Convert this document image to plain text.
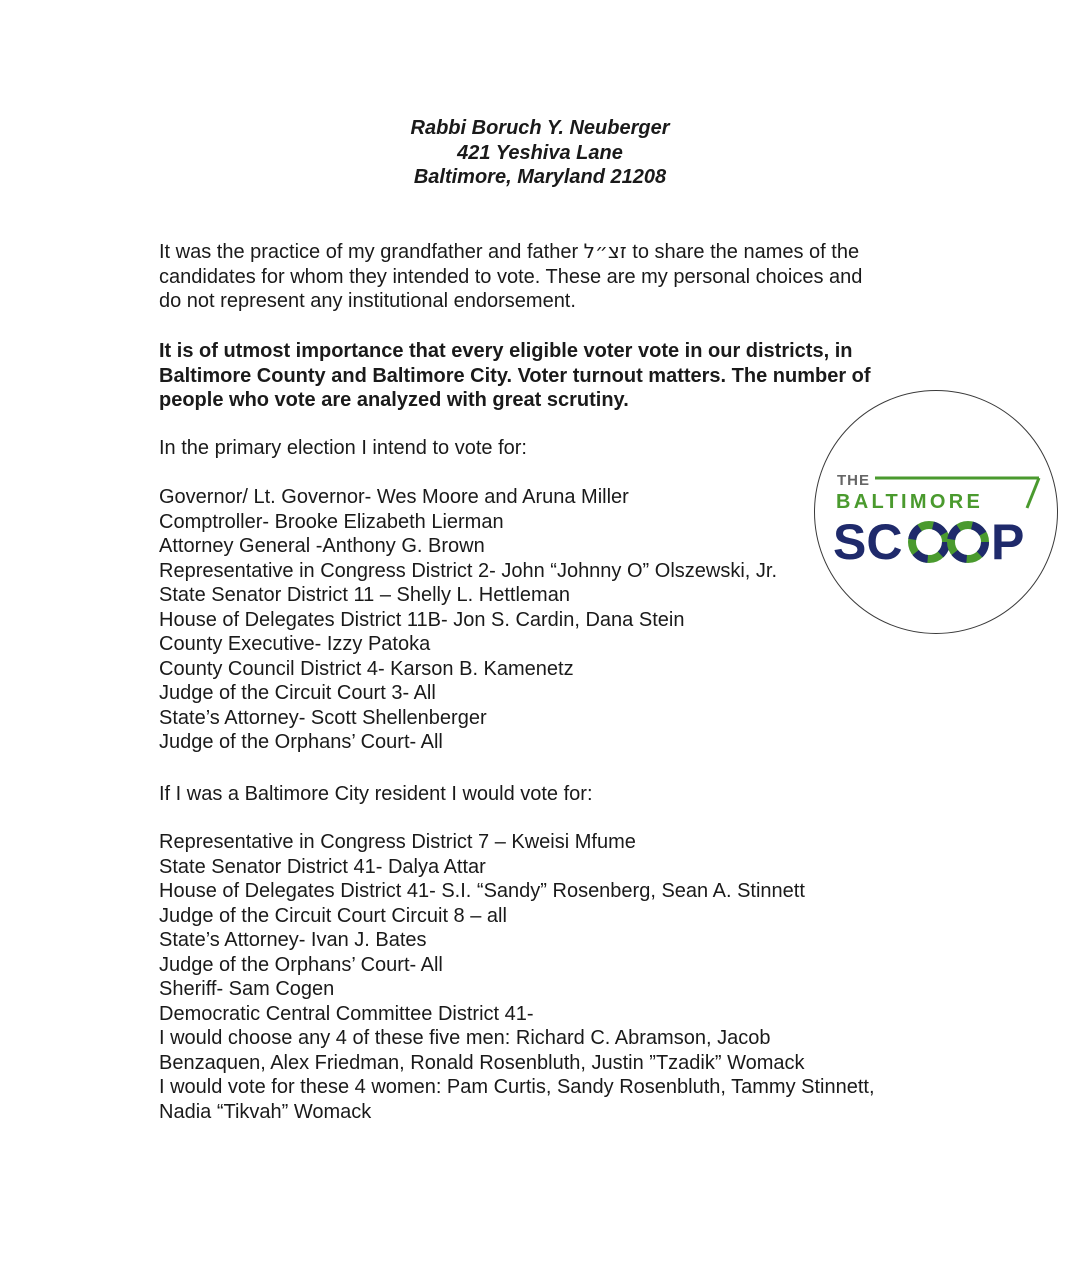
Rabbi Boruch Y. Neuberger
421 Yeshiva Lane
Baltimore, Maryland 21208
It was the practice of my grandfather and father זצ״ל to share the names of the
candidates for whom they intended to vote. These are my personal choices and
do not represent any institutional endorsement.
It is of utmost importance that every eligible voter vote in our districts, in
Baltimore County and Baltimore City. Voter turnout matters. The number of
people who vote are analyzed with great scrutiny.
In the primary election I intend to vote for:
Governor/ Lt. Governor- Wes Moore and Aruna Miller
Comptroller- Brooke Elizabeth Lierman
Attorney General -Anthony G. Brown
Representative in Congress District 2- John “Johnny O” Olszewski, Jr.
State Senator District 11 – Shelly L. Hettleman
House of Delegates District 11B- Jon S. Cardin, Dana Stein
County Executive- Izzy Patoka
County Council District 4- Karson B. Kamenetz
Judge of the Circuit Court 3- All
State’s Attorney- Scott Shellenberger
Judge of the Orphans’ Court- All
If I was a Baltimore City resident I would vote for:
Representative in Congress District 7 – Kweisi Mfume
State Senator District 41- Dalya Attar
House of Delegates District 41- S.I. “Sandy” Rosenberg, Sean A. Stinnett
Judge of the Circuit Court Circuit 8 – all
State’s Attorney- Ivan J. Bates
Judge of the Orphans’ Court- All
Sheriff- Sam Cogen
Democratic Central Committee District 41-
I would choose any 4 of these five men: Richard C. Abramson, Jacob
Benzaquen, Alex Friedman, Ronald Rosenbluth, Justin ”Tzadik” Womack
I would vote for these 4 women: Pam Curtis, Sandy Rosenbluth, Tammy Stinnett,
Nadia “Tikvah” Womack
THE
BALTIMORE
SC P
